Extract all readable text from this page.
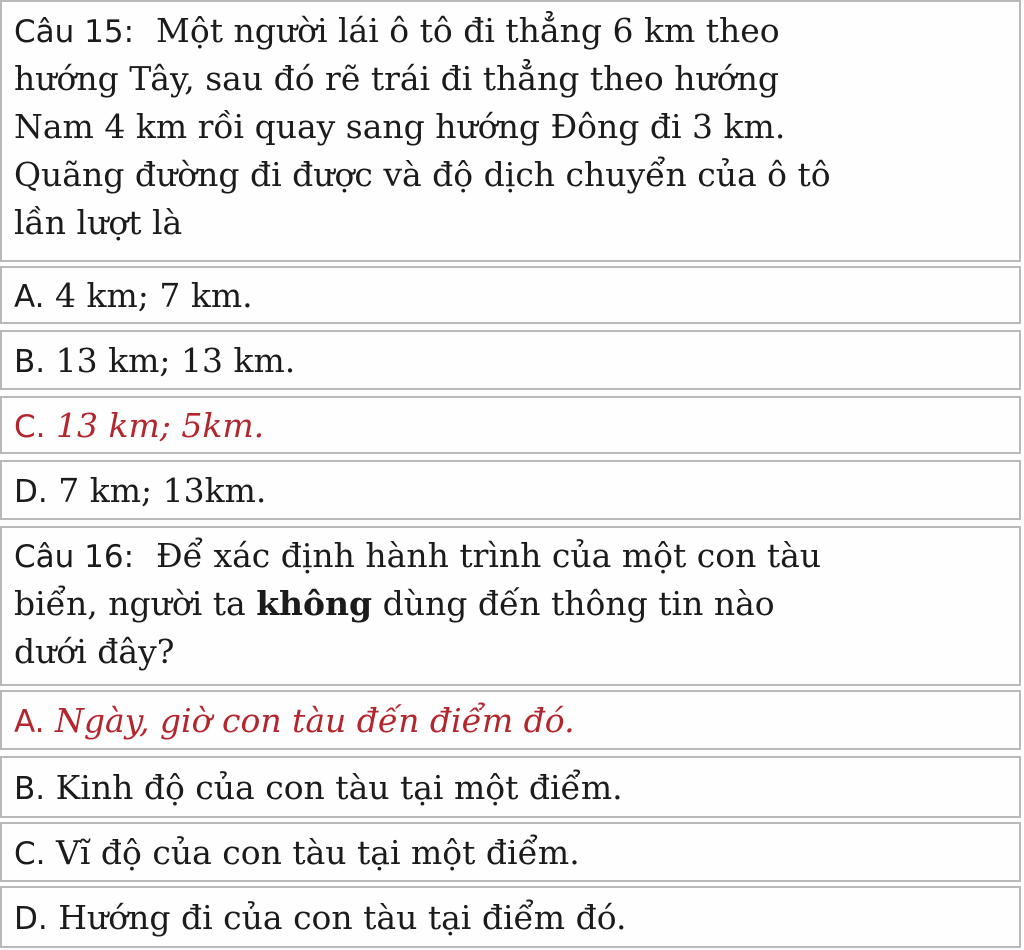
Câu 15: Một người lái ô tô đi thẳng 6 km theo
hướng Tây, sau đó rẽ trái đi thẳng theo hướng
Nam 4 km rồi quay sang hướng Đông đi 3 km.
Quãng đường đi được và độ dịch chuyển của ô tô
lần lượt là
A. 4 km; 7 km.
B. 13 km; 13 km.
C. 13 km; 5km.
D. 7 km; 13km.
Câu 16: Để xác định hành trình của một con tàu
biển, người ta không dùng đến thông tin nào
dưới đây?
A. Ngày, giờ con tàu đến điểm đó.
B. Kinh độ của con tàu tại một điểm.
C. Vĩ độ của con tàu tại một điểm.
D. Hướng đi của con tàu tại điểm đó.
